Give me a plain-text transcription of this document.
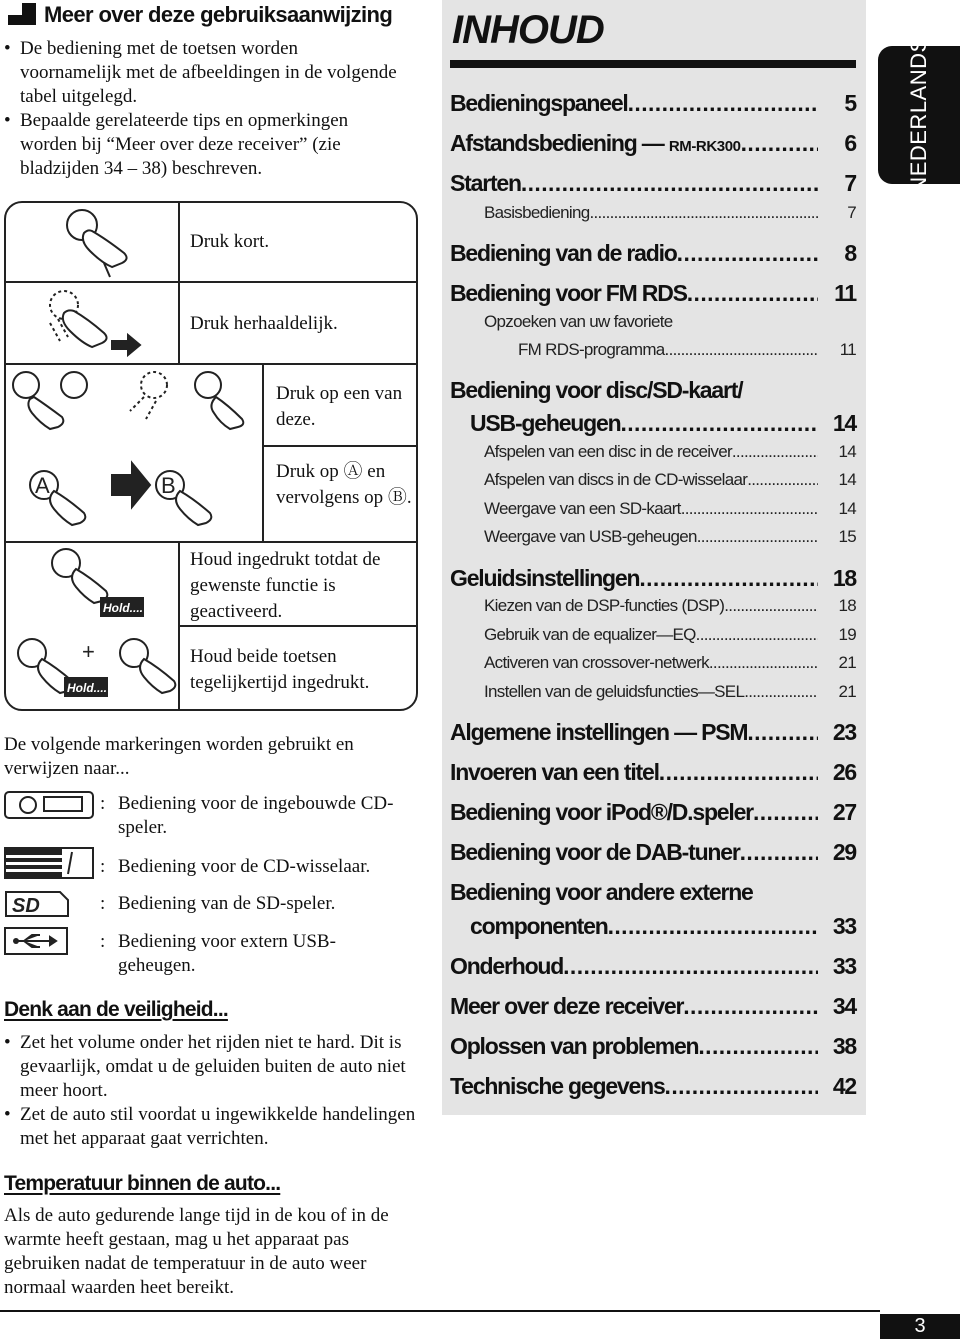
Meer over deze gebruiksaanwijzing
• De bediening met de toetsen worden voornamelijk met de afbeeldingen in de volgende tabel uitgelegd.
• Bepaalde gerelateerde tips en opmerkingen worden bij “Meer over deze receiver” (zie bladzijden 34 – 38) beschreven.
A	B
+
Hold....
Hold....
Druk kort.
Druk herhaaldelijk.
Druk op een van deze.
Druk op Ⓐ en vervolgens op Ⓑ.
Houd ingedrukt totdat de gewenste functie is geactiveerd.
Houd beide toetsen tegelijkertijd ingedrukt.
De volgende markeringen worden gebruikt en verwijzen naar...
: Bediening voor de ingebouwde CD-speler.
: Bediening voor de CD-wisselaar.
SD	: Bediening van de SD-speler.
: Bediening voor extern USB-geheugen.
Denk aan de veiligheid...
• Zet het volume onder het rijden niet te hard. Dit is gevaarlijk, omdat u de geluiden buiten de auto niet meer hoort.
• Zet de auto stil voordat u ingewikkelde handelingen met het apparaat gaat verrichten.
Temperatuur binnen de auto...
Als de auto gedurende lange tijd in de kou of in de warmte heeft gestaan, mag u het apparaat pas gebruiken nadat de temperatuur in de auto weer normaal waarden heet bereikt.
INHOUD
Bedieningspaneel .....	5
Afstandsbediening —
RM-RK300 .....	6
Starten .....	7
Basisbediening .....	7
Bediening van de radio .....	8
Bediening voor FM RDS .....	11
Opzoeken van uw favoriete
FM RDS-programma .....	11
Bediening voor disc/SD-kaart/
USB-geheugen .....	14
Afspelen van een disc in de receiver .....	14
Afspelen van discs in de CD-wisselaar .....	14
Weergave van een SD-kaart .....	14
Weergave van USB-geheugen .....	15
Geluidsinstellingen .....	18
Kiezen van de DSP-functies (DSP) .....	18
Gebruik van de equalizer—EQ .....	19
Activeren van crossover-netwerk .....	21
Instellen van de geluidsfuncties—SEL .....	21
Algemene instellingen — PSM .....	23
Invoeren van een titel .....	26
Bediening voor iPod®/D.speler .....	27
Bediening voor de DAB-tuner .....	29
Bediening voor andere externe
componenten .....	33
Onderhoud .....	33
Meer over deze receiver .....	34
Oplossen van problemen .....	38
Technische gegevens .....	42
NEDERLANDS
3
